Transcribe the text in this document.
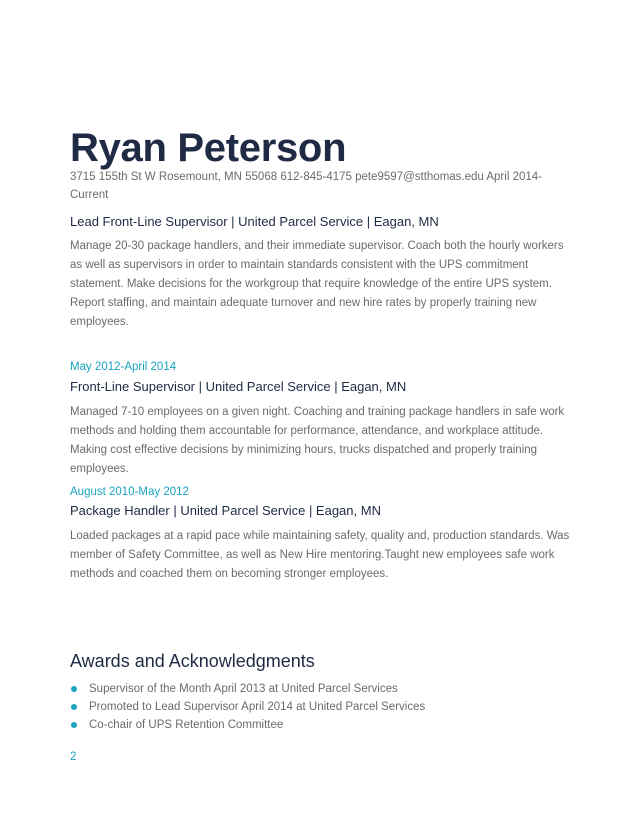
Ryan Peterson
3715 155th St W Rosemount, MN 55068 612-845-4175 pete9597@stthomas.edu April 2014-Current
Lead Front-Line Supervisor | United Parcel Service | Eagan, MN
Manage 20-30 package handlers, and their immediate supervisor. Coach both the hourly workers as well as supervisors in order to maintain standards consistent with the UPS commitment statement. Make decisions for the workgroup that require knowledge of the entire UPS system. Report staffing, and maintain adequate turnover and new hire rates by properly training new employees.
May 2012-April 2014
Front-Line Supervisor | United Parcel Service | Eagan, MN
Managed 7-10 employees on a given night. Coaching and training package handlers in safe work methods and holding them accountable for performance, attendance, and workplace attitude. Making cost effective decisions by minimizing hours, trucks dispatched and properly training employees.
August 2010-May 2012
Package Handler | United Parcel Service | Eagan, MN
Loaded packages at a rapid pace while maintaining safety, quality and, production standards. Was member of Safety Committee, as well as New Hire mentoring.Taught new employees safe work methods and coached them on becoming stronger employees.
Awards and Acknowledgments
Supervisor of the Month April 2013 at United Parcel Services
Promoted to Lead Supervisor April 2014 at United Parcel Services
Co-chair of UPS Retention Committee
2
